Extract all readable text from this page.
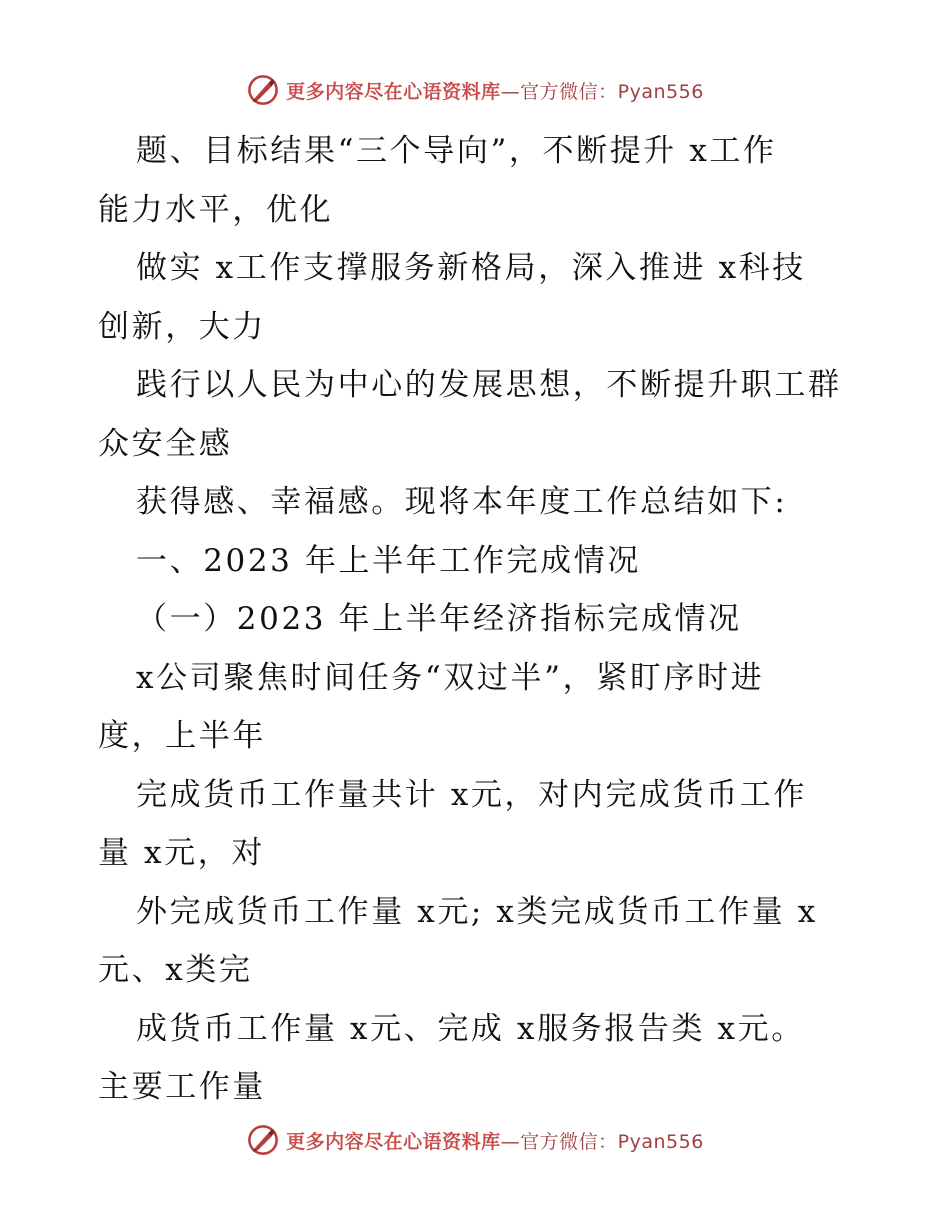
更多内容尽在心语资料库—官方微信：Pyan556
题、目标结果“三个导向”，不断提升 x工作
能力水平，优化
做实 x工作支撑服务新格局，深入推进 x科技
创新，大力
践行以人民为中心的发展思想，不断提升职工群
众安全感
获得感、幸福感。现将本年度工作总结如下:
一、2023 年上半年工作完成情况
（一）2023 年上半年经济指标完成情况
x公司聚焦时间任务“双过半”，紧盯序时进
度，上半年
完成货币工作量共计 x元，对内完成货币工作
量 x元，对
外完成货币工作量 x元; x类完成货币工作量 x
元、x类完
成货币工作量 x元、完成 x服务报告类 x元。
主要工作量
更多内容尽在心语资料库—官方微信：Pyan556
